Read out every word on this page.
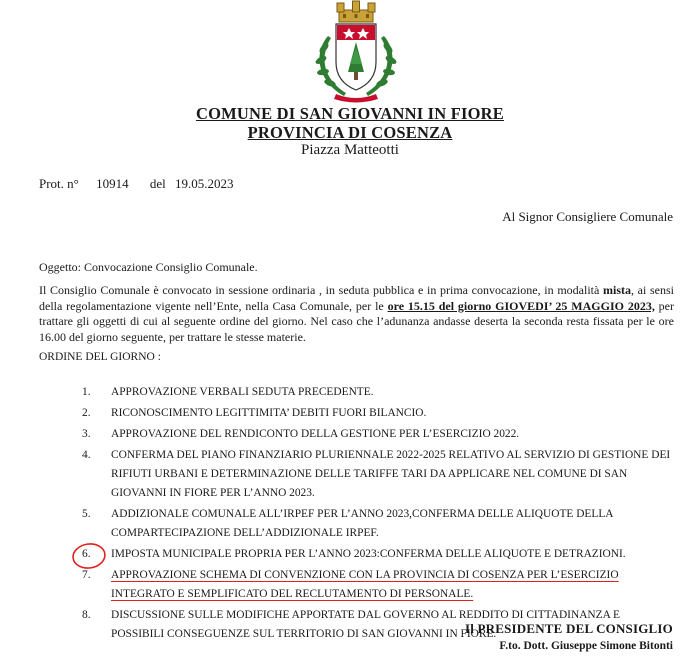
COMUNE DI SAN GIOVANNI IN FIORE
PROVINCIA DI COSENZA
Piazza Matteotti
Prot. n° 10914 del 19.05.2023
Al Signor Consigliere Comunale
Oggetto: Convocazione Consiglio Comunale.

Il Consiglio Comunale è convocato in sessione ordinaria , in seduta pubblica e in prima convocazione, in modalità mista, ai sensi della regolamentazione vigente nell’Ente, nella Casa Comunale, per le ore 15.15 del giorno GIOVEDI’ 25 MAGGIO 2023, per trattare gli oggetti di cui al seguente ordine del giorno. Nel caso che l’adunanza andasse deserta la seconda resta fissata per le ore 16.00 del giorno seguente, per trattare le stesse materie.

ORDINE DEL GIORNO :
1. APPROVAZIONE VERBALI SEDUTA PRECEDENTE.
2. RICONOSCIMENTO LEGITTIMITA’ DEBITI FUORI BILANCIO.
3. APPROVAZIONE DEL RENDICONTO DELLA GESTIONE PER L’ESERCIZIO 2022.
4. CONFERMA DEL PIANO FINANZIARIO PLURIENNALE 2022-2025 RELATIVO AL SERVIZIO DI GESTIONE DEI RIFIUTI URBANI E DETERMINAZIONE DELLE TARIFFE TARI DA APPLICARE NEL COMUNE DI SAN GIOVANNI IN FIORE PER L’ANNO 2023.
5. ADDIZIONALE COMUNALE ALL’IRPEF PER L’ANNO 2023,CONFERMA DELLE ALIQUOTE DELLA COMPARTECIPAZIONE DELL’ADDIZIONALE IRPEF.
6. IMPOSTA MUNICIPALE PROPRIA PER L’ANNO 2023:CONFERMA DELLE ALIQUOTE E DETRAZIONI.
7. APPROVAZIONE SCHEMA DI CONVENZIONE CON LA PROVINCIA DI COSENZA PER L’ESERCIZIO INTEGRATO E SEMPLIFICATO DEL RECLUTAMENTO DI PERSONALE.
8. DISCUSSIONE SULLE MODIFICHE APPORTATE DAL GOVERNO AL REDDITO DI CITTADINANZA E POSSIBILI CONSEGUENZE SUL TERRITORIO DI SAN GIOVANNI IN FIORE.
Il PRESIDENTE DEL CONSIGLIO
F.to. Dott. Giuseppe Simone Bitonti
